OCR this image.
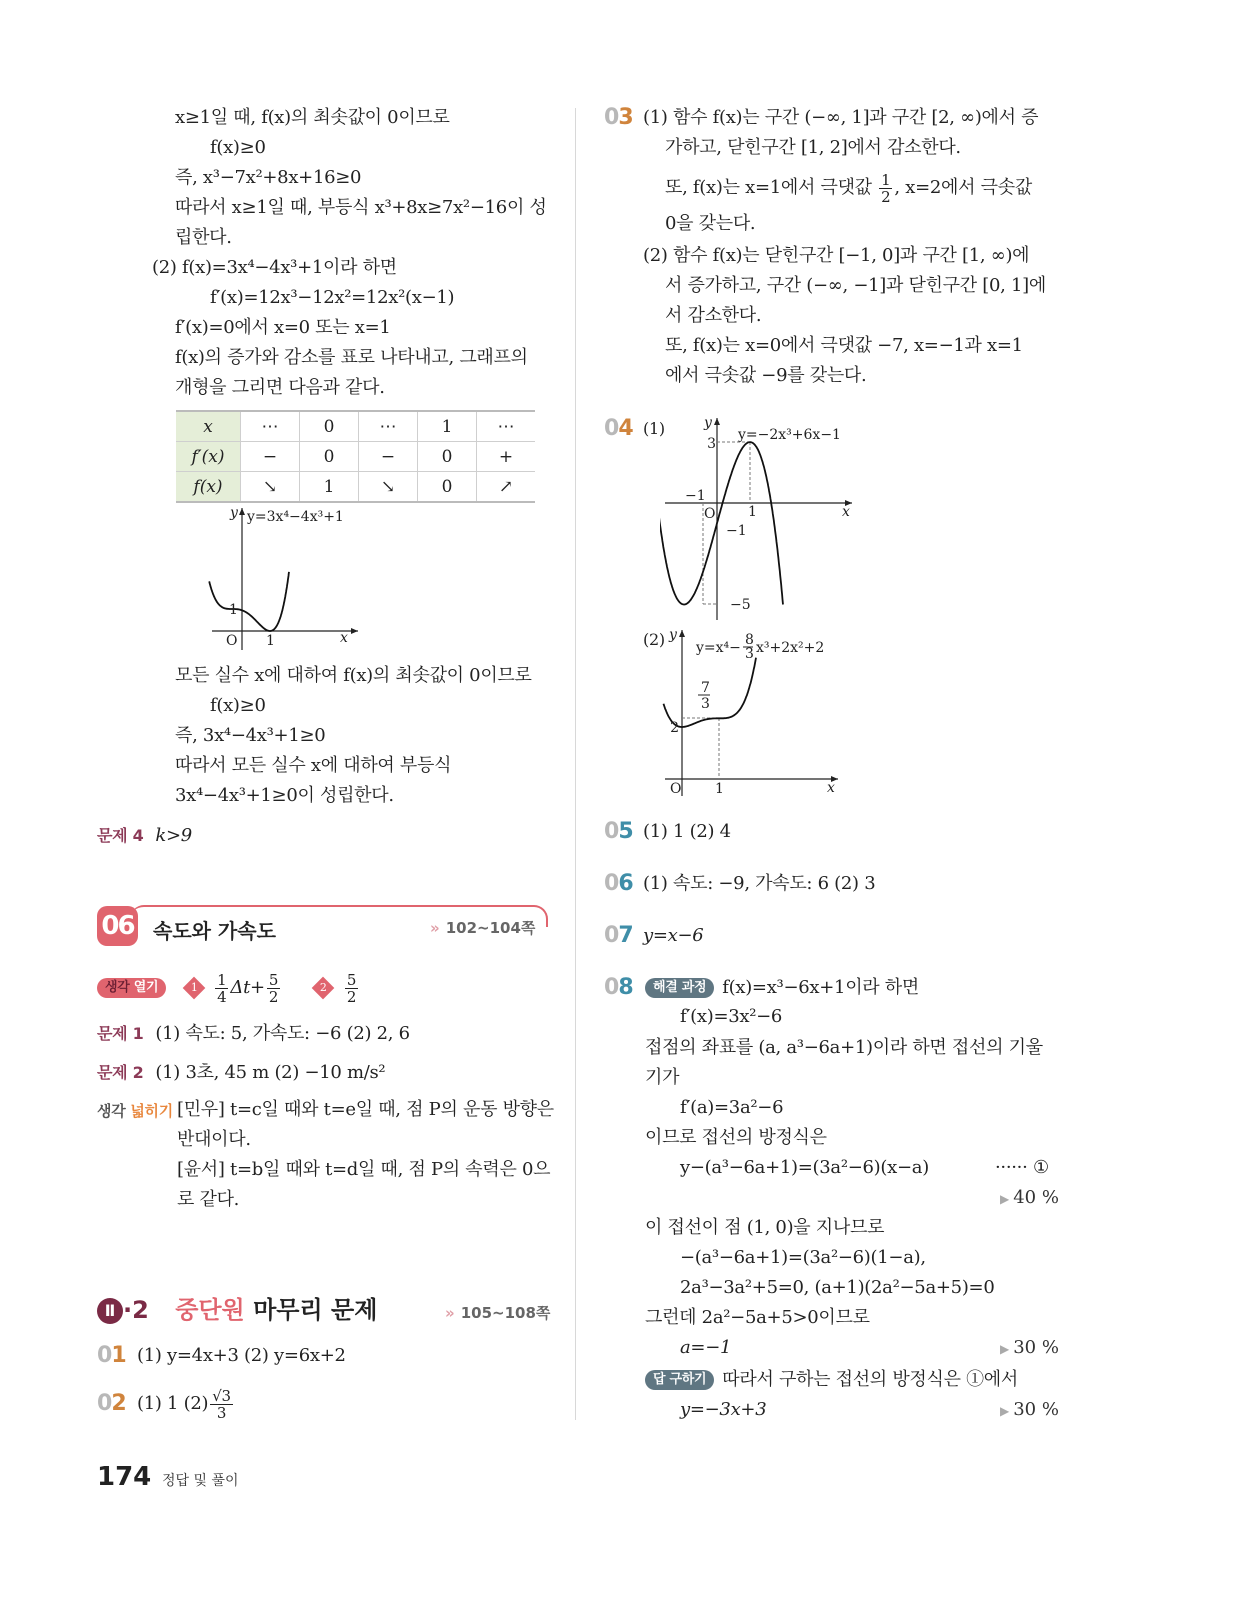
x≥1일 때, f(x)의 최솟값이 0이므로
f(x)≥0
즉, x³−7x²+8x+16≥0
따라서 x≥1일 때, 부등식 x³+8x≥7x²−16이 성
립한다.
(2) f(x)=3x⁴−4x³+1이라 하면
f′(x)=12x³−12x²=12x²(x−1)
f′(x)=0에서 x=0 또는 x=1
f(x)의 증가와 감소를 표로 나타내고, 그래프의
개형을 그리면 다음과 같다.
x	⋯	0	⋯	1	⋯
f′(x)	−	0	−	0	+
f(x)	↘	1	↘	0	↗
y y=3x⁴−4x³+1
1
O 1	x
모든 실수 x에 대하여 f(x)의 최솟값이 0이므로
f(x)≥0
즉, 3x⁴−4x³+1≥0
따라서 모든 실수 x에 대하여 부등식
3x⁴−4x³+1≥0이 성립한다.
문제 4 k>9
06 속도와 가속도	» 102~104쪽
생각 열기	$1 \frac{1}{4} \Delta t+ \frac{5}{2}$	$2 \frac{5}{2}$
문제 1 (1) 속도: 5, 가속도: −6 (2) 2, 6
문제 2 (1) 3초, 45 m (2) −10 m/s²
생각 넓히기 [민우] t=c일 때와 t=e일 때, 점 P의 운동 방향은
반대이다.
[윤서] t=b일 때와 t=d일 때, 점 P의 속력은 0으
로 같다.
Ⅱ ·2 중단원 마무리 문제	» 105~108쪽
01 (1) y=4x+3 (2) y=6x+2
02 (1) 1 $(2) \frac{√3}{3}$
174 정답 및 풀이
03 (1) 함수 f(x)는 구간 (−∞, 1]과 구간 [2, ∞)에서 증
가하고, 닫힌구간 [1, 2]에서 감소한다.
또, f(x)는 x=1에서 극댓값 $\frac{1}{2}$ , x=2에서 극솟값
0을 갖는다.
(2) 함수 f(x)는 닫힌구간 [−1, 0]과 구간 [1, ∞)에
서 증가하고, 구간 (−∞, −1]과 닫힌구간 [0, 1]에
서 감소한다.
또, f(x)는 x=0에서 극댓값 −7, x=−1과 x=1
에서 극솟값 −9를 갖는다.
04 (1)	y
y=−2x³+6x−1
3
−1
O 1
−1
−5
x
(2) y
y=x⁴− 8
3 x³+2x²+2
7
3
2
O 1	x
05 (1) 1 (2) 4
06 (1) 속도: −9, 가속도: 6 (2) 3
07 y=x−6
08	해결 과정 f(x)=x³−6x+1이라 하면
f′(x)=3x²−6
접점의 좌표를 (a, a³−6a+1)이라 하면 접선의 기울
기가
f′(a)=3a²−6
이므로 접선의 방정식은
y−(a³−6a+1)=(3a²−6)(x−a)	······ ①
▶ 40 %
이 접선이 점 (1, 0)을 지나므로
−(a³−6a+1)=(3a²−6)(1−a),
2a³−3a²+5=0, (a+1)(2a²−5a+5)=0
그런데 2a²−5a+5>0이므로
a=−1	▶ 30 %
답 구하기 따라서 구하는 접선의 방정식은 ①에서
y=−3x+3	▶ 30 %
